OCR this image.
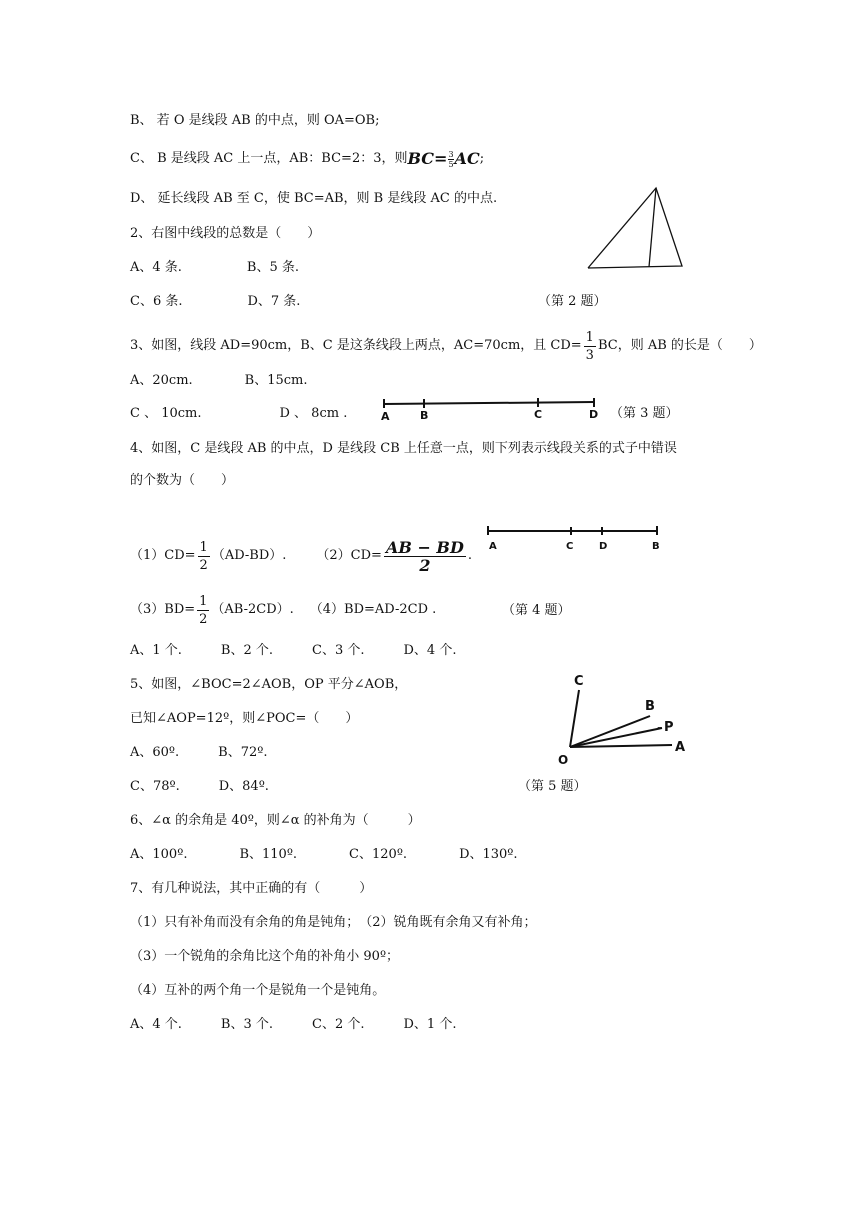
B、 若 O 是线段 AB 的中点，则 OA=OB;
C、 B 是线段 AC 上一点，AB：BC=2：3，则 BC = $\frac{3}{5}$ AC ;
D、 延长线段 AB 至 C，使 BC=AB，则 B 是线段 AC 的中点.
2、右图中线段的总数是（　　）
A、4 条.　　　　　B、5 条.
C、6 条.　　　　　D、7 条.	（第 2 题）
3、如图，线段 AD=90cm，B、C 是这条线段上两点，AC=70cm，且 $CD= \frac{1}{3}$ BC，则 AB 的长是（　　）
A、20cm.　　　　B、15cm.
C 、 10cm.　　　　　　D 、 8cm .	（第 3 题）
A	B	C	D
4、如图，C 是线段 AB 的中点，D 是线段 CB 上任意一点，则下列表示线段关系的式子中错误
的个数为（　　）
$(1)CD= \frac{1}{2} (AD-BD)$. $(2)CD= \frac{AB - BD}{2}$ .
A	C	D	B
$(3)BD= \frac{1}{2} (AB-2CD)$. （4）BD=AD-2CD .	（第 4 题）
A、1 个.　　　B、2 个.　　　C、3 个.　　　D、4 个.
5、如图，∠BOC=2∠AOB，OP 平分∠AOB，
已知∠AOP=12º，则∠POC=（　　）
A、60º.　　　B、72º.
C、78º.　　　D、84º.	（第 5 题）
C
B
- P
A
O
6、∠α 的余角是 40º，则∠α 的补角为（　　　）
A、100º.　　　　B、110º.　　　　C、120º.　　　　D、130º.
7、有几种说法，其中正确的有（　　　）
（1）只有补角而没有余角的角是钝角；　（2）锐角既有余角又有补角；
（3）一个锐角的余角比这个角的补角小 90º；
（4）互补的两个角一个是锐角一个是钝角。
A、4 个.　　　B、3 个.　　　C、2 个.　　　D、1 个.
